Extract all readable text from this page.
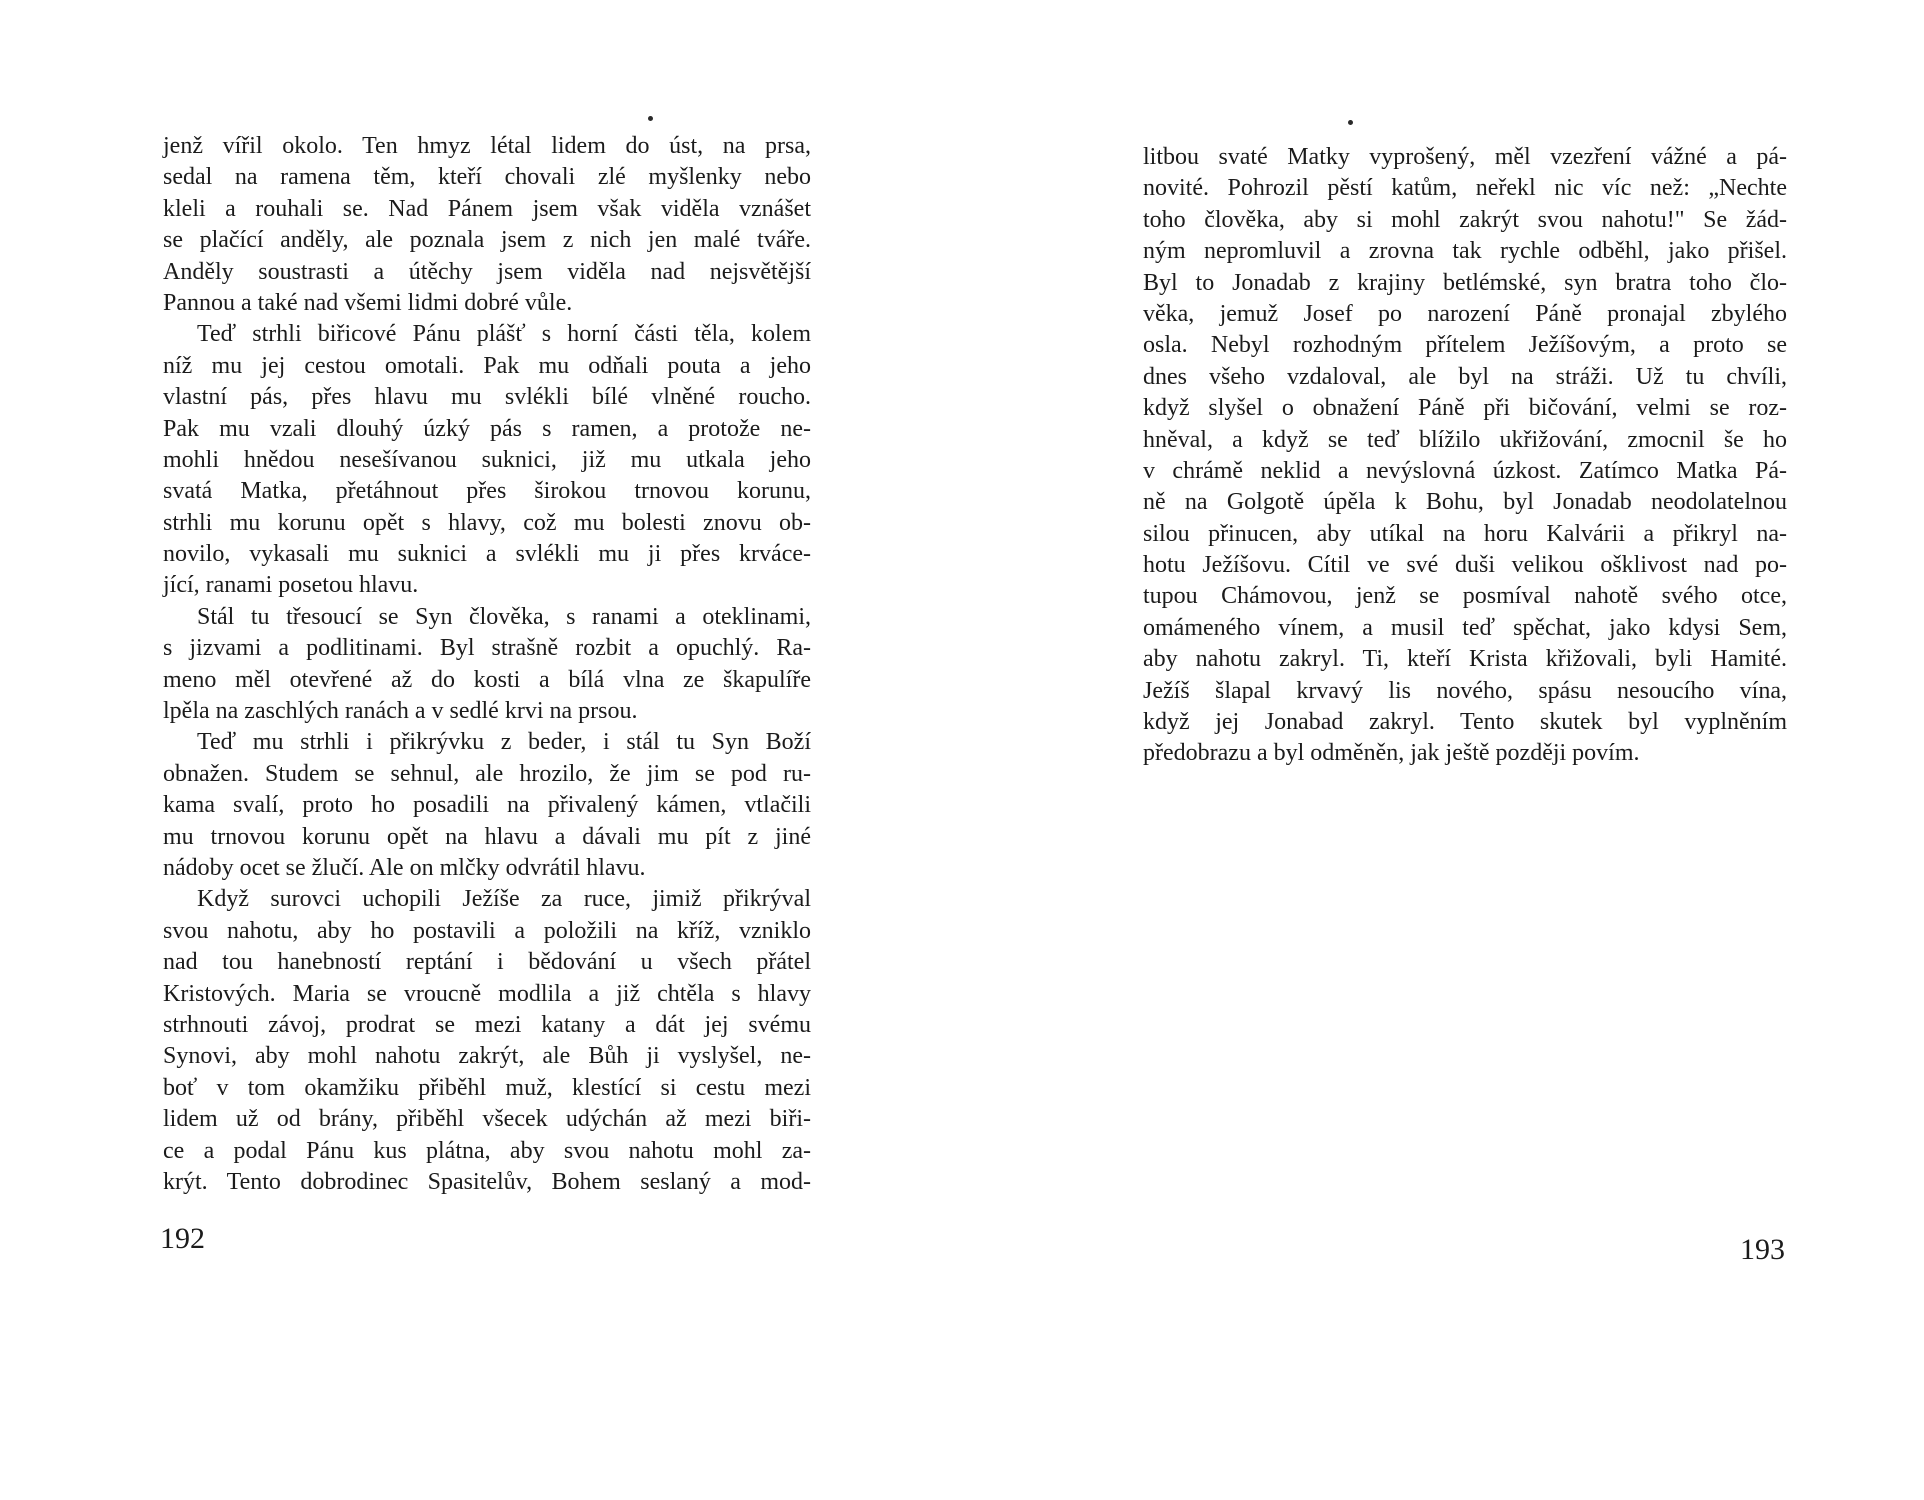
jenž vířil okolo. Ten hmyz létal lidem do úst, na prsa,
sedal na ramena těm, kteří chovali zlé myšlenky nebo
kleli a rouhali se. Nad Pánem jsem však viděla vznášet
se plačící anděly, ale poznala jsem z nich jen malé tváře.
Anděly soustrasti a útěchy jsem viděla nad nejsvětější
Pannou a také nad všemi lidmi dobré vůle.
Teď strhli biřicové Pánu plášť s horní části těla, kolem
níž mu jej cestou omotali. Pak mu odňali pouta a jeho
vlastní pás, přes hlavu mu svlékli bílé vlněné roucho.
Pak mu vzali dlouhý úzký pás s ramen, a protože ne-
mohli hnědou nesešívanou suknici, již mu utkala jeho
svatá Matka, přetáhnout přes širokou trnovou korunu,
strhli mu korunu opět s hlavy, což mu bolesti znovu ob-
novilo, vykasali mu suknici a svlékli mu ji přes krváce-
jící, ranami posetou hlavu.
Stál tu třesoucí se Syn člověka, s ranami a oteklinami,
s jizvami a podlitinami. Byl strašně rozbit a opuchlý. Ra-
meno měl otevřené až do kosti a bílá vlna ze škapulíře
lpěla na zaschlých ranách a v sedlé krvi na prsou.
Teď mu strhli i přikrývku z beder, i stál tu Syn Boží
obnažen. Studem se sehnul, ale hrozilo, že jim se pod ru-
kama svalí, proto ho posadili na přivalený kámen, vtlačili
mu trnovou korunu opět na hlavu a dávali mu pít z jiné
nádoby ocet se žlučí. Ale on mlčky odvrátil hlavu.
Když surovci uchopili Ježíše za ruce, jimiž přikrýval
svou nahotu, aby ho postavili a položili na kříž, vzniklo
nad tou hanebností reptání i bědování u všech přátel
Kristových. Maria se vroucně modlila a již chtěla s hlavy
strhnouti závoj, prodrat se mezi katany a dát jej svému
Synovi, aby mohl nahotu zakrýt, ale Bůh ji vyslyšel, ne-
boť v tom okamžiku přiběhl muž, klestící si cestu mezi
lidem už od brány, přiběhl všecek udýchán až mezi biři-
ce a podal Pánu kus plátna, aby svou nahotu mohl za-
krýt. Tento dobrodinec Spasitelův, Bohem seslaný a mod-
192
litbou svaté Matky vyprošený, měl vzezření vážné a pá-
novité. Pohrozil pěstí katům, neřekl nic víc než: „Nechte
toho člověka, aby si mohl zakrýt svou nahotu!" Se žád-
ným nepromluvil a zrovna tak rychle odběhl, jako přišel.
Byl to Jonadab z krajiny betlémské, syn bratra toho člo-
věka, jemuž Josef po narození Páně pronajal zbylého
osla. Nebyl rozhodným přítelem Ježíšovým, a proto se
dnes všeho vzdaloval, ale byl na stráži. Už tu chvíli,
když slyšel o obnažení Páně při bičování, velmi se roz-
hněval, a když se teď blížilo ukřižování, zmocnil še ho
v chrámě neklid a nevýslovná úzkost. Zatímco Matka Pá-
ně na Golgotě úpěla k Bohu, byl Jonadab neodolatelnou
silou přinucen, aby utíkal na horu Kalvárii a přikryl na-
hotu Ježíšovu. Cítil ve své duši velikou ošklivost nad po-
tupou Chámovou, jenž se posmíval nahotě svého otce,
omámeného vínem, a musil teď spěchat, jako kdysi Sem,
aby nahotu zakryl. Ti, kteří Krista křižovali, byli Hamité.
Ježíš šlapal krvavý lis nového, spásu nesoucího vína,
když jej Jonabad zakryl. Tento skutek byl vyplněním
předobrazu a byl odměněn, jak ještě později povím.
193
